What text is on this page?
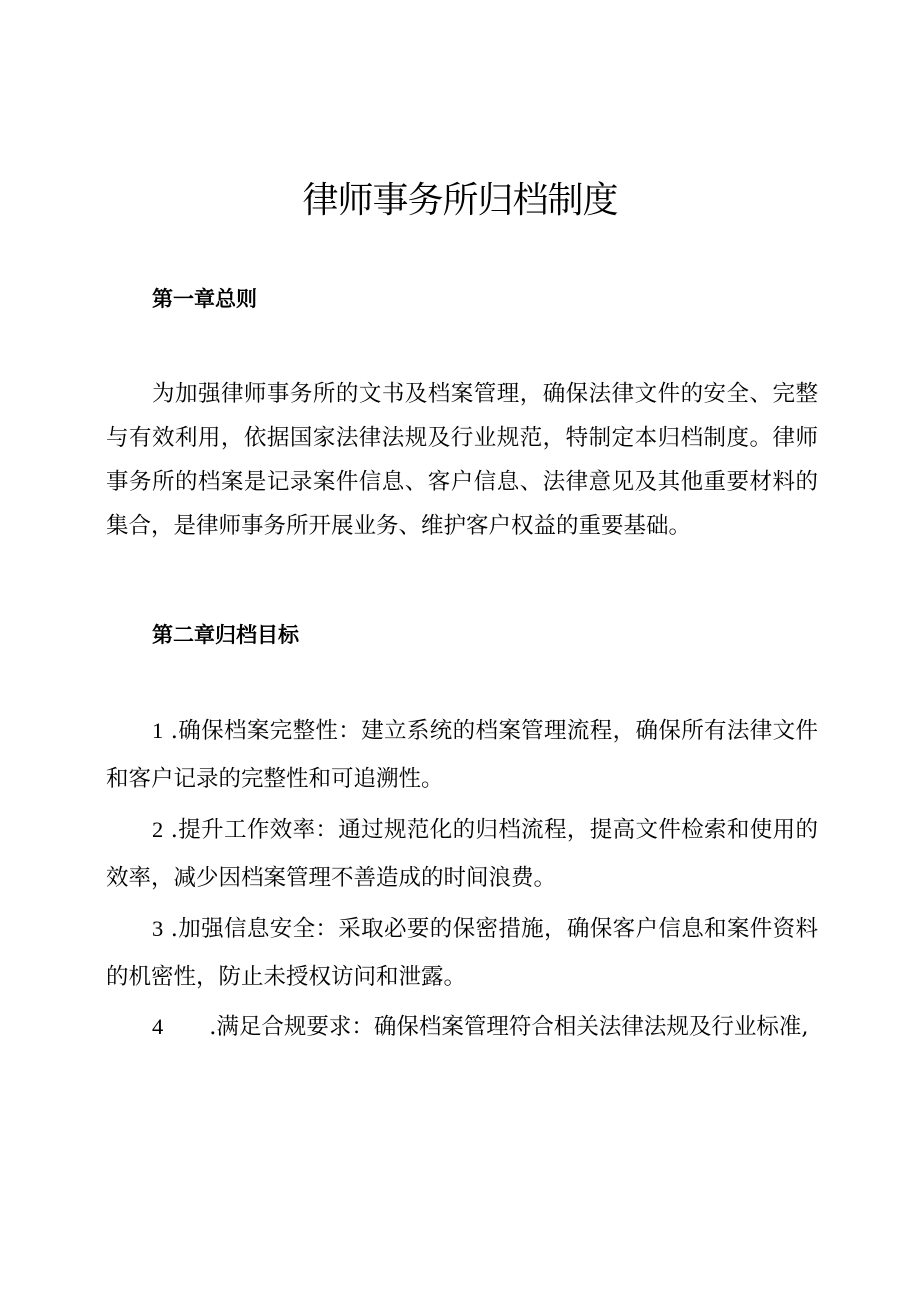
律师事务所归档制度
第一章总则

为加强律师事务所的文书及档案管理，确保法律文件的安全、完整与有效利用，依据国家法律法规及行业规范，特制定本归档制度。律师事务所的档案是记录案件信息、客户信息、法律意见及其他重要材料的集合，是律师事务所开展业务、维护客户权益的重要基础。

第二章归档目标

1 .确保档案完整性：建立系统的档案管理流程，确保所有法律文件和客户记录的完整性和可追溯性。

2 .提升工作效率：通过规范化的归档流程，提高文件检索和使用的效率，减少因档案管理不善造成的时间浪费。

3 .加强信息安全：采取必要的保密措施，确保客户信息和案件资料的机密性，防止未授权访问和泄露。

4 .满足合规要求：确保档案管理符合相关法律法规及行业标准,
